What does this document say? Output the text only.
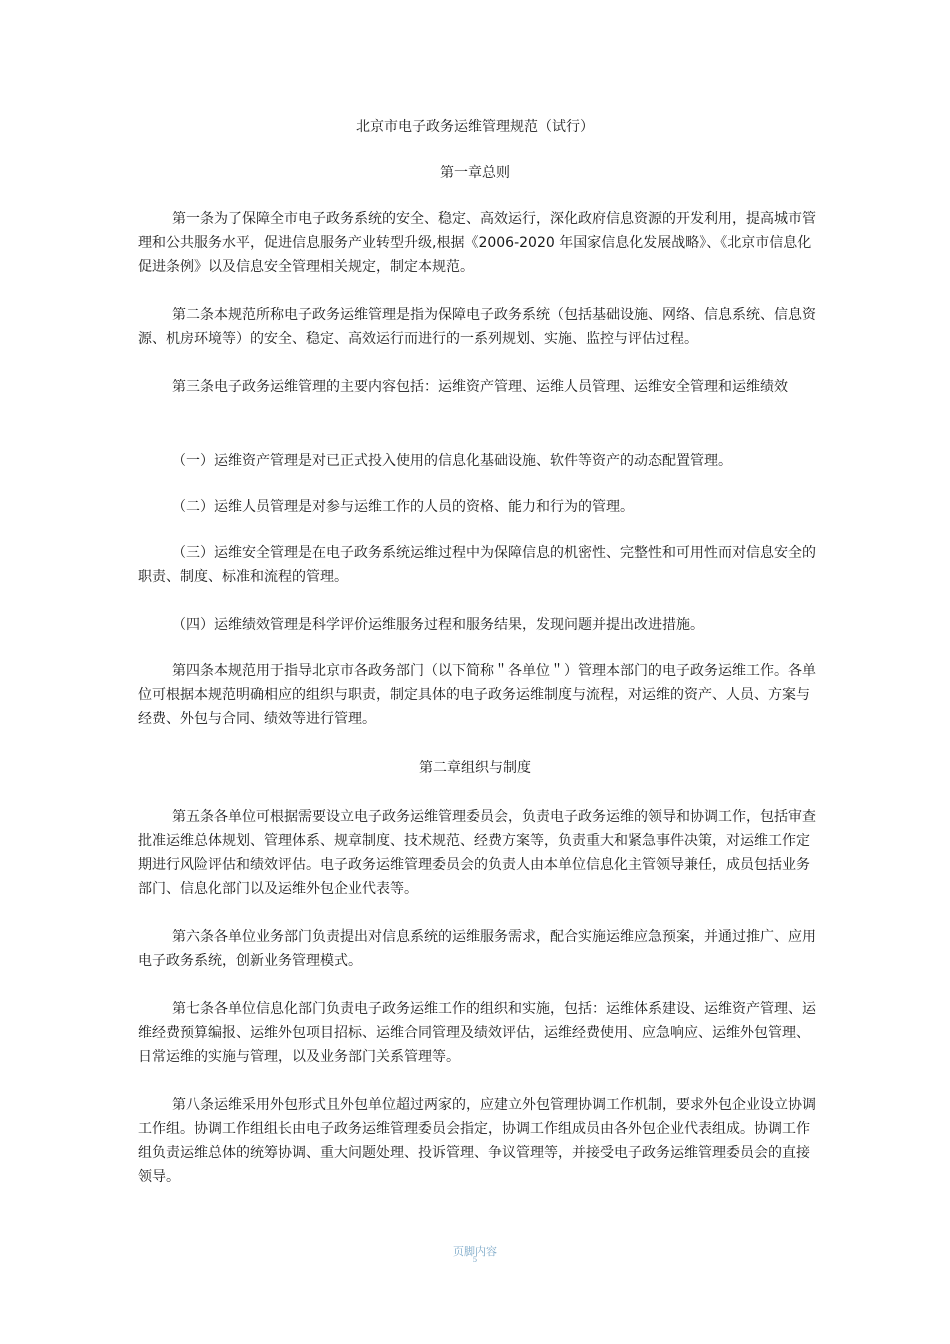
北京市电子政务运维管理规范（试行）
第一章总则
第一条为了保障全市电子政务系统的安全、稳定、高效运行，深化政府信息资源的开发利用，提高城市管
理和公共服务水平，促进信息服务产业转型升级,根据《2006-2020 年国家信息化发展战略》、《北京市信息化
促进条例》以及信息安全管理相关规定，制定本规范。
第二条本规范所称电子政务运维管理是指为保障电子政务系统（包括基础设施、网络、信息系统、信息资
源、机房环境等）的安全、稳定、高效运行而进行的一系列规划、实施、监控与评估过程。
第三条电子政务运维管理的主要内容包括：运维资产管理、运维人员管理、运维安全管理和运维绩效
（一）运维资产管理是对已正式投入使用的信息化基础设施、软件等资产的动态配置管理。
（二）运维人员管理是对参与运维工作的人员的资格、能力和行为的管理。
（三）运维安全管理是在电子政务系统运维过程中为保障信息的机密性、完整性和可用性而对信息安全的
职责、制度、标准和流程的管理。
（四）运维绩效管理是科学评价运维服务过程和服务结果，发现问题并提出改进措施。
第四条本规范用于指导北京市各政务部门（以下简称＂各单位＂）管理本部门的电子政务运维工作。各单
位可根据本规范明确相应的组织与职责，制定具体的电子政务运维制度与流程，对运维的资产、人员、方案与
经费、外包与合同、绩效等进行管理。
第二章组织与制度
第五条各单位可根据需要设立电子政务运维管理委员会，负责电子政务运维的领导和协调工作，包括审查
批准运维总体规划、管理体系、规章制度、技术规范、经费方案等，负责重大和紧急事件决策，对运维工作定
期进行风险评估和绩效评估。电子政务运维管理委员会的负责人由本单位信息化主管领导兼任，成员包括业务
部门、信息化部门以及运维外包企业代表等。
第六条各单位业务部门负责提出对信息系统的运维服务需求，配合实施运维应急预案，并通过推广、应用
电子政务系统，创新业务管理模式。
第七条各单位信息化部门负责电子政务运维工作的组织和实施，包括：运维体系建设、运维资产管理、运
维经费预算编报、运维外包项目招标、运维合同管理及绩效评估，运维经费使用、应急响应、运维外包管理、
日常运维的实施与管理，以及业务部门关系管理等。
第八条运维采用外包形式且外包单位超过两家的，应建立外包管理协调工作机制，要求外包企业设立协调
工作组。协调工作组组长由电子政务运维管理委员会指定，协调工作组成员由各外包企业代表组成。协调工作
组负责运维总体的统筹协调、重大问题处理、投诉管理、争议管理等，并接受电子政务运维管理委员会的直接
领导。
页脚内容
5
